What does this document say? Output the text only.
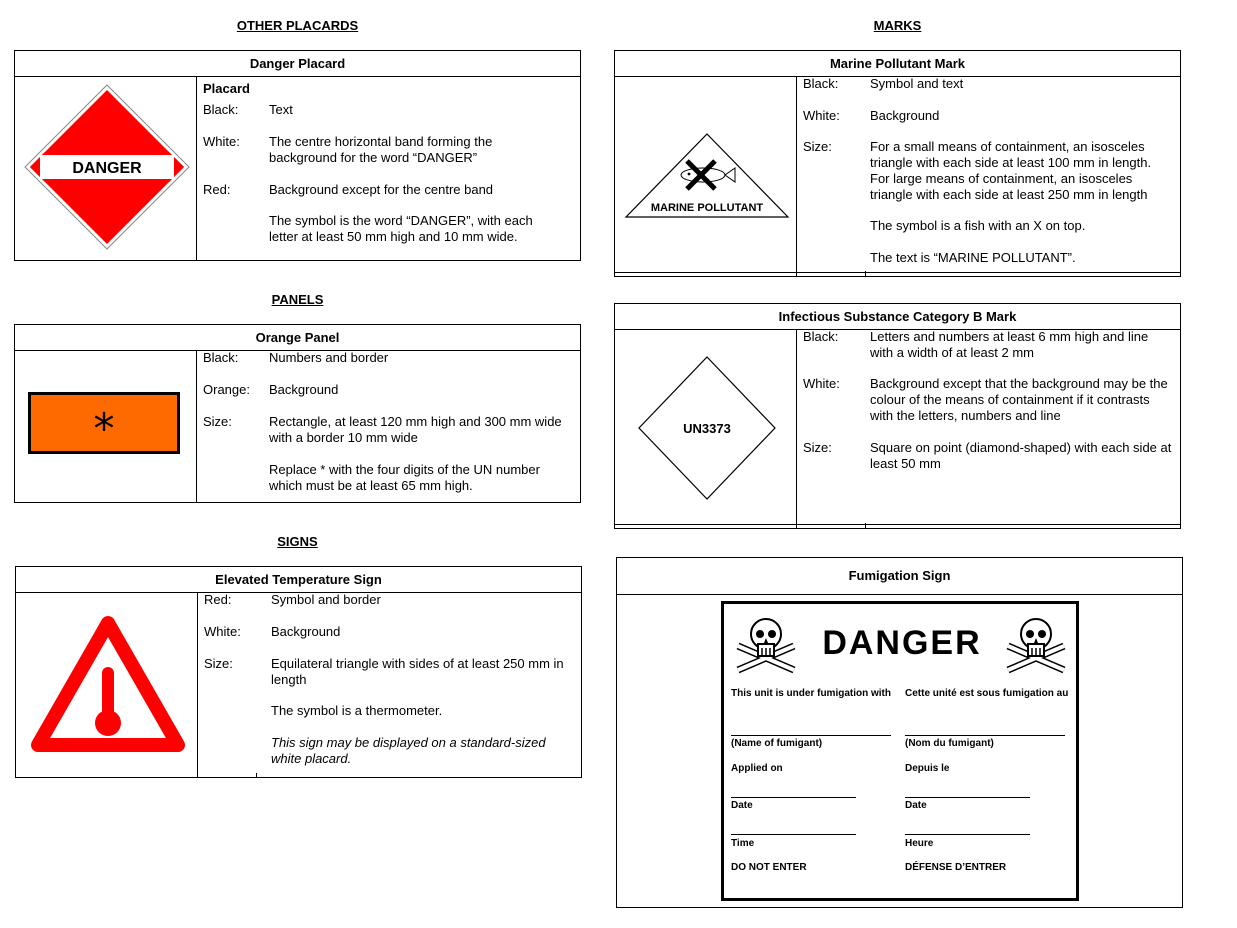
OTHER PLACARDS	MARKS
PANELS
SIGNS
Danger Placard
DANGER
Placard
Black: Text
White: The centre horizontal band forming the background for the word “DANGER”
Red:	Background except for the centre band
The symbol is the word “DANGER”, with each letter at least 50 mm high and 10 mm wide.
Orange Panel
*
Black: Numbers and border
Orange: Background
Size:	Rectangle, at least 120 mm high and 300 mm wide with a border 10 mm wide
Replace * with the four digits of the UN number which must be at least 65 mm high.
Elevated Temperature Sign
Red:	Symbol and border
White: Background
Size:	Equilateral triangle with sides of at least 250 mm in length
The symbol is a thermometer.
This sign may be displayed on a standard-sized white placard.
Marine Pollutant Mark
MARINE POLLUTANT
Black: Symbol and text
White: Background
Size:	For a small means of containment, an isosceles triangle with each side at least 100 mm in length. For large means of containment, an isosceles triangle with each side at least 250 mm in length
The symbol is a fish with an X on top.
The text is “MARINE POLLUTANT”.
Infectious Substance Category B Mark
UN3373
Black: Letters and numbers at least 6 mm high and line with a width of at least 2 mm
White: Background except that the background may be the colour of the means of containment if it contrasts with the letters, numbers and line
Size:	Square on point (diamond-shaped) with each side at least 50 mm
Fumigation Sign
DANGER
This unit is under fumigation with
(Name of fumigant)
Applied on
Date
Time
DO NOT ENTER
Cette unité est sous fumigation au
(Nom du fumigant)
Depuis le
Date
Heure
DÉFENSE D’ENTRER
